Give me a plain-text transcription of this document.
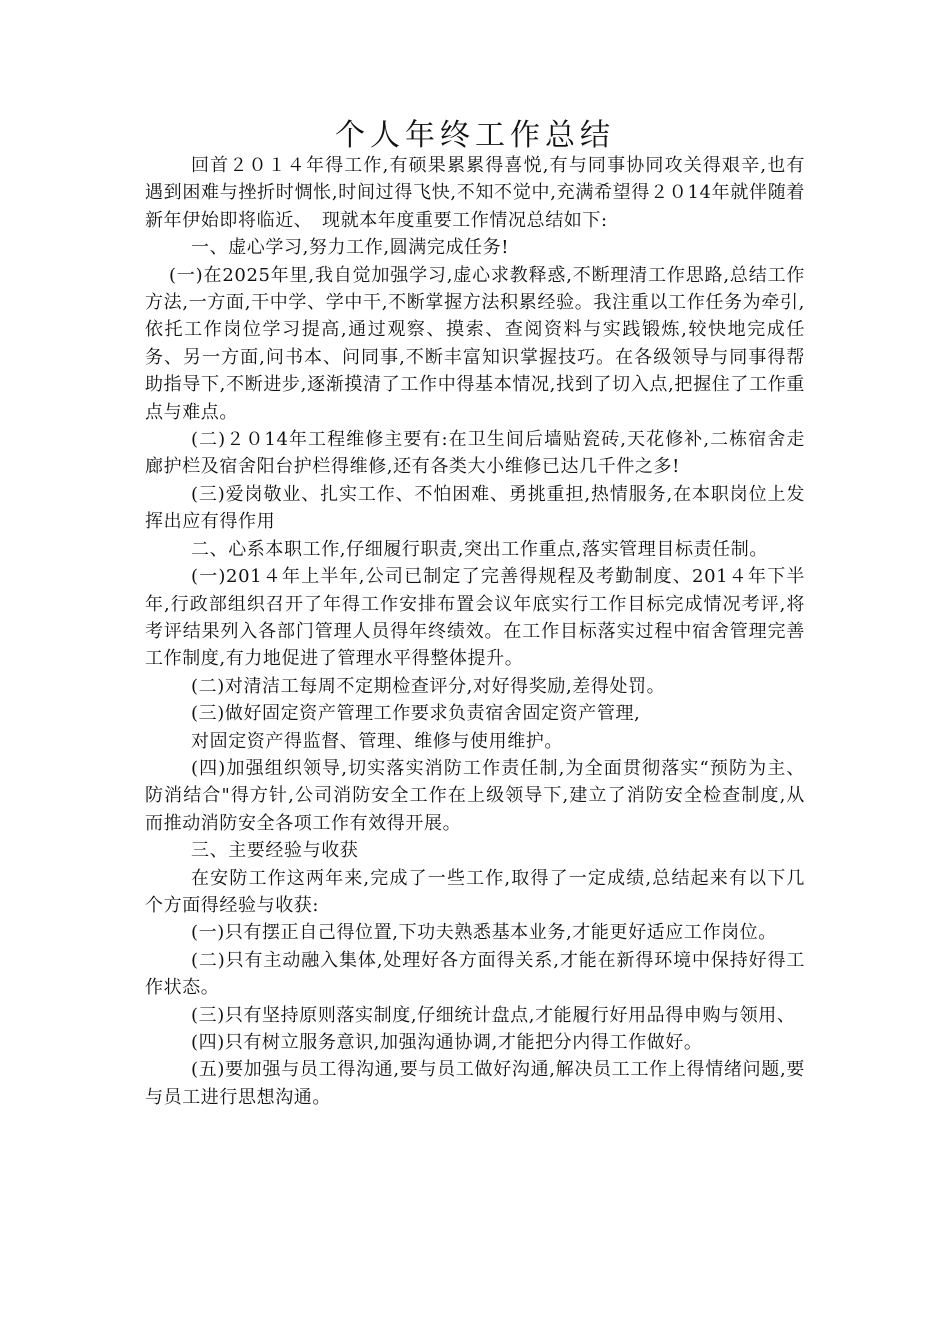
个人年终工作总结

回首２０１４年得工作,有硕果累累得喜悦,有与同事协同攻关得艰辛,也有遇到困难与挫折时惆怅,时间过得飞快,不知不觉中,充满希望得２０14年就伴随着新年伊始即将临近、　现就本年度重要工作情况总结如下:

一、虚心学习,努力工作,圆满完成任务!

(一)在2025年里,我自觉加强学习,虚心求教释惑,不断理清工作思路,总结工作方法,一方面,干中学、学中干,不断掌握方法积累经验。我注重以工作任务为牵引,依托工作岗位学习提高,通过观察、摸索、查阅资料与实践锻炼,较快地完成任务、另一方面,问书本、问同事,不断丰富知识掌握技巧。在各级领导与同事得帮助指导下,不断进步,逐渐摸清了工作中得基本情况,找到了切入点,把握住了工作重点与难点。

(二)２０14年工程维修主要有:在卫生间后墙贴瓷砖,天花修补,二栋宿舍走廊护栏及宿舍阳台护栏得维修,还有各类大小维修已达几千件之多!

(三)爱岗敬业、扎实工作、不怕困难、勇挑重担,热情服务,在本职岗位上发挥出应有得作用

二、心系本职工作,仔细履行职责,突出工作重点,落实管理目标责任制。

(一)201４年上半年,公司已制定了完善得规程及考勤制度、201４年下半年,行政部组织召开了年得工作安排布置会议年底实行工作目标完成情况考评,将考评结果列入各部门管理人员得年终绩效。在工作目标落实过程中宿舍管理完善工作制度,有力地促进了管理水平得整体提升。

(二)对清洁工每周不定期检查评分,对好得奖励,差得处罚。

(三)做好固定资产管理工作要求负责宿舍固定资产管理,

对固定资产得监督、管理、维修与使用维护。

(四)加强组织领导,切实落实消防工作责任制,为全面贯彻落实“预防为主、防消结合"得方针,公司消防安全工作在上级领导下,建立了消防安全检查制度,从而推动消防安全各项工作有效得开展。

三、主要经验与收获

在安防工作这两年来,完成了一些工作,取得了一定成绩,总结起来有以下几个方面得经验与收获:

(一)只有摆正自己得位置,下功夫熟悉基本业务,才能更好适应工作岗位。

(二)只有主动融入集体,处理好各方面得关系,才能在新得环境中保持好得工作状态。

(三)只有坚持原则落实制度,仔细统计盘点,才能履行好用品得申购与领用、

(四)只有树立服务意识,加强沟通协调,才能把分内得工作做好。

(五)要加强与员工得沟通,要与员工做好沟通,解决员工工作上得情绪问题,要与员工进行思想沟通。
